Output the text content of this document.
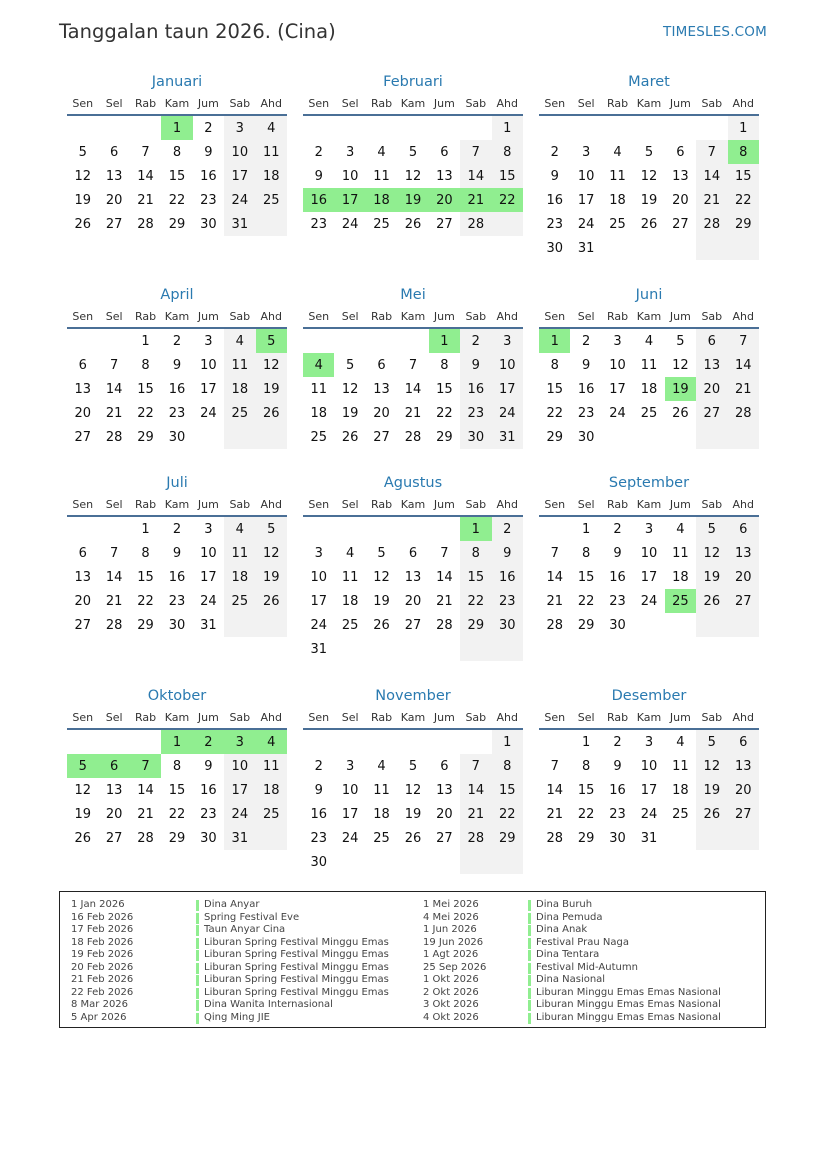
Tanggalan taun 2026. (Cina)	TIMESLES.COM
Januari
Sen	Sel	Rab	Kam	Jum	Sab	Ahd
			1	2	3	4
5	6	7	8	9	10	11
12	13	14	15	16	17	18
19	20	21	22	23	24	25
26	27	28	29	30	31	
Februari
Sen	Sel	Rab	Kam	Jum	Sab	Ahd
						1
2	3	4	5	6	7	8
9	10	11	12	13	14	15
16	17	18	19	20	21	22
23	24	25	26	27	28	
Maret
Sen	Sel	Rab	Kam	Jum	Sab	Ahd
						1
2	3	4	5	6	7	8
9	10	11	12	13	14	15
16	17	18	19	20	21	22
23	24	25	26	27	28	29
30	31					
April
Sen	Sel	Rab	Kam	Jum	Sab	Ahd
		1	2	3	4	5
6	7	8	9	10	11	12
13	14	15	16	17	18	19
20	21	22	23	24	25	26
27	28	29	30			
Mei
Sen	Sel	Rab	Kam	Jum	Sab	Ahd
				1	2	3
4	5	6	7	8	9	10
11	12	13	14	15	16	17
18	19	20	21	22	23	24
25	26	27	28	29	30	31
Juni
Sen	Sel	Rab	Kam	Jum	Sab	Ahd
1	2	3	4	5	6	7
8	9	10	11	12	13	14
15	16	17	18	19	20	21
22	23	24	25	26	27	28
29	30					
Juli
Sen	Sel	Rab	Kam	Jum	Sab	Ahd
		1	2	3	4	5
6	7	8	9	10	11	12
13	14	15	16	17	18	19
20	21	22	23	24	25	26
27	28	29	30	31		
Agustus
Sen	Sel	Rab	Kam	Jum	Sab	Ahd
					1	2
3	4	5	6	7	8	9
10	11	12	13	14	15	16
17	18	19	20	21	22	23
24	25	26	27	28	29	30
31						
September
Sen	Sel	Rab	Kam	Jum	Sab	Ahd
	1	2	3	4	5	6
7	8	9	10	11	12	13
14	15	16	17	18	19	20
21	22	23	24	25	26	27
28	29	30				
Oktober
Sen	Sel	Rab	Kam	Jum	Sab	Ahd
			1	2	3	4
5	6	7	8	9	10	11
12	13	14	15	16	17	18
19	20	21	22	23	24	25
26	27	28	29	30	31	
November
Sen	Sel	Rab	Kam	Jum	Sab	Ahd
						1
2	3	4	5	6	7	8
9	10	11	12	13	14	15
16	17	18	19	20	21	22
23	24	25	26	27	28	29
30						
Desember
Sen	Sel	Rab	Kam	Jum	Sab	Ahd
	1	2	3	4	5	6
7	8	9	10	11	12	13
14	15	16	17	18	19	20
21	22	23	24	25	26	27
28	29	30	31			
1 Jan 2026	Dina Anyar
16 Feb 2026	Spring Festival Eve
17 Feb 2026	Taun Anyar Cina
18 Feb 2026	Liburan Spring Festival Minggu Emas
19 Feb 2026	Liburan Spring Festival Minggu Emas
20 Feb 2026	Liburan Spring Festival Minggu Emas
21 Feb 2026	Liburan Spring Festival Minggu Emas
22 Feb 2026	Liburan Spring Festival Minggu Emas
8 Mar 2026	Dina Wanita Internasional
5 Apr 2026	Qing Ming JIE
1 Mei 2026	Dina Buruh
4 Mei 2026	Dina Pemuda
1 Jun 2026	Dina Anak
19 Jun 2026	Festival Prau Naga
1 Agt 2026	Dina Tentara
25 Sep 2026	Festival Mid-Autumn
1 Okt 2026	Dina Nasional
2 Okt 2026	Liburan Minggu Emas Emas Nasional
3 Okt 2026	Liburan Minggu Emas Emas Nasional
4 Okt 2026	Liburan Minggu Emas Emas Nasional
